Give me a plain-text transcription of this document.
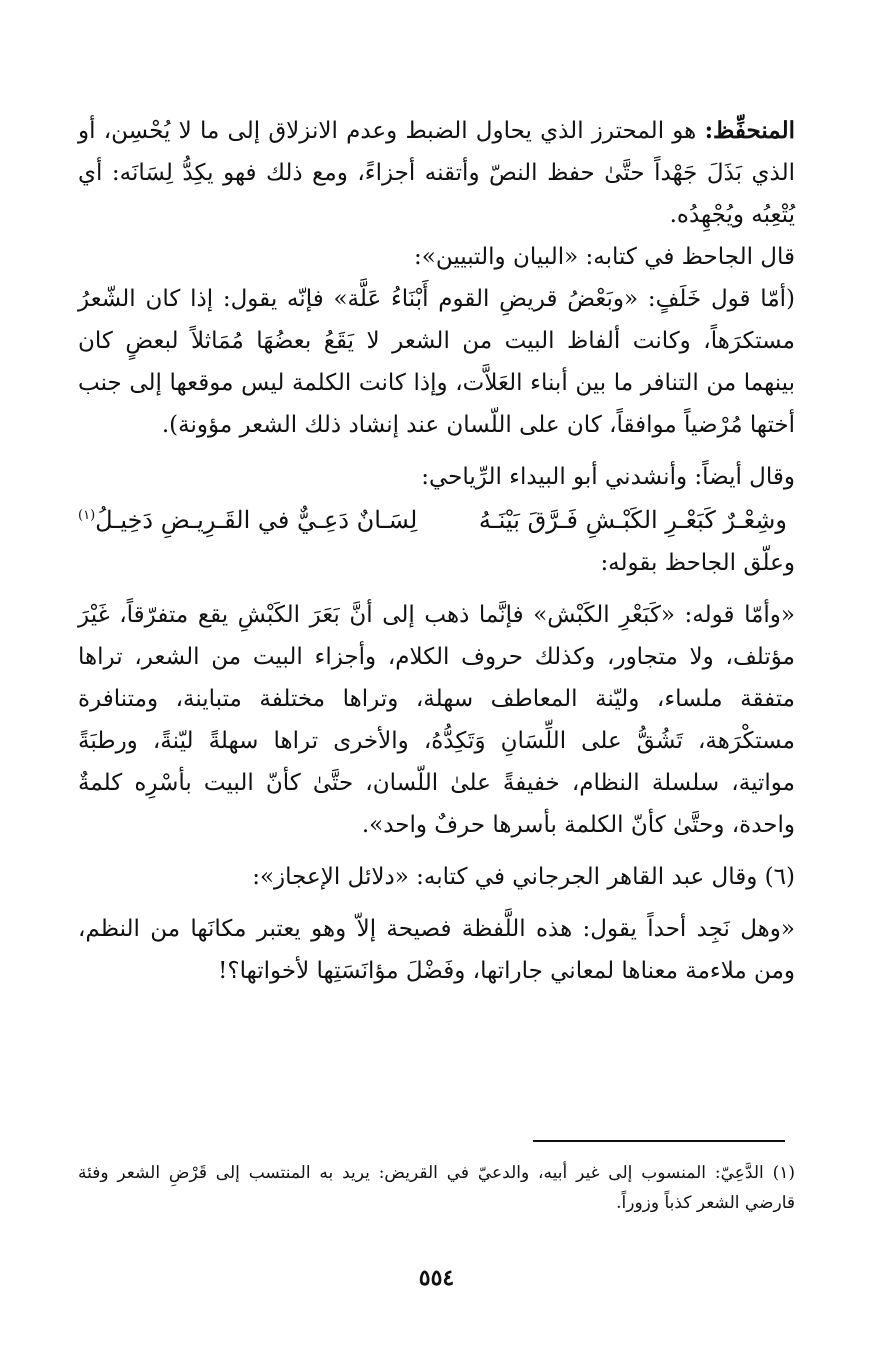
المنحفِّظ: هو المحترز الذي يحاول الضبط وعدم الانزلاق إلى ما لا يُحْسِن، أو الذي بَذَلَ جَهْداً حتَّىٰ حفظ النصّ وأتقنه أجزاءً، ومع ذلك فهو يكِدُّ لِسَانَه: أي يُتْعِبُه ويُجْهِدُه.

قال الجاحظ في كتابه: «البيان والتبيين»:

(أمّا قول خَلَفٍ: «وبَعْضُ قريضِ القوم أَبْنَاءُ عَلَّة» فإنّه يقول: إذا كان الشّعرُ مستكرَهاً، وكانت ألفاظ البيت من الشعر لا يَقَعُ بعضُهَا مُمَاثلاً لبعضٍ كان بينهما من التنافر ما بين أبناء العَلاَّت، وإذا كانت الكلمة ليس موقعها إلى جنب أختها مُرْضياً موافقاً، كان على اللّسان عند إنشاد ذلك الشعر مؤونة).

وقال أيضاً: وأنشدني أبو البيداء الرِّياحي:

وشِعْـرٌ كَبَعْـرِ الكَبْـشِ فَـرَّقَ بَيْنَـهُ
لِسَـانٌ دَعِـيٌّ في القَـرِيـضِ دَخِيـلُ$^{(١)}$

وعلّق الجاحظ بقوله:

«وأمّا قوله: «كَبَعْرِ الكَبْش» فإنَّما ذهب إلى أنَّ بَعَرَ الكَبْشِ يقع متفرّقاً، غَيْرَ مؤتلف، ولا متجاور، وكذلك حروف الكلام، وأجزاء البيت من الشعر، تراها متفقة ملساء، وليّنة المعاطف سهلة، وتراها مختلفة متباينة، ومتنافرة مستكْرَهة، تَشُقُّ على اللِّسَانِ وَتَكِدُّهُ، والأخرى تراها سهلةً ليّنةً، ورطبَةً مواتية، سلسلة النظام، خفيفةً علىٰ اللّسان، حتَّىٰ كأنّ البيت بأسْرِه كلمةٌ واحدة، وحتَّىٰ كأنّ الكلمة بأسرها حرفٌ واحد».

(٦) وقال عبد القاهر الجرجاني في كتابه: «دلائل الإعجاز»:

«وهل نَجِد أحداً يقول: هذه اللَّفظة فصيحة إلاّ وهو يعتبر مكانَها من النظم، ومن ملاءمة معناها لمعاني جاراتها، وفَضْلَ مؤانَسَتِها لأخواتها؟!

(١) الدَّعِيّ: المنسوب إلى غير أبيه، والدعيّ في القريض: يريد به المنتسب إلى قَرْضِ الشعر وفئة قارضي الشعر كذباً وزوراً.

٥٥٤
